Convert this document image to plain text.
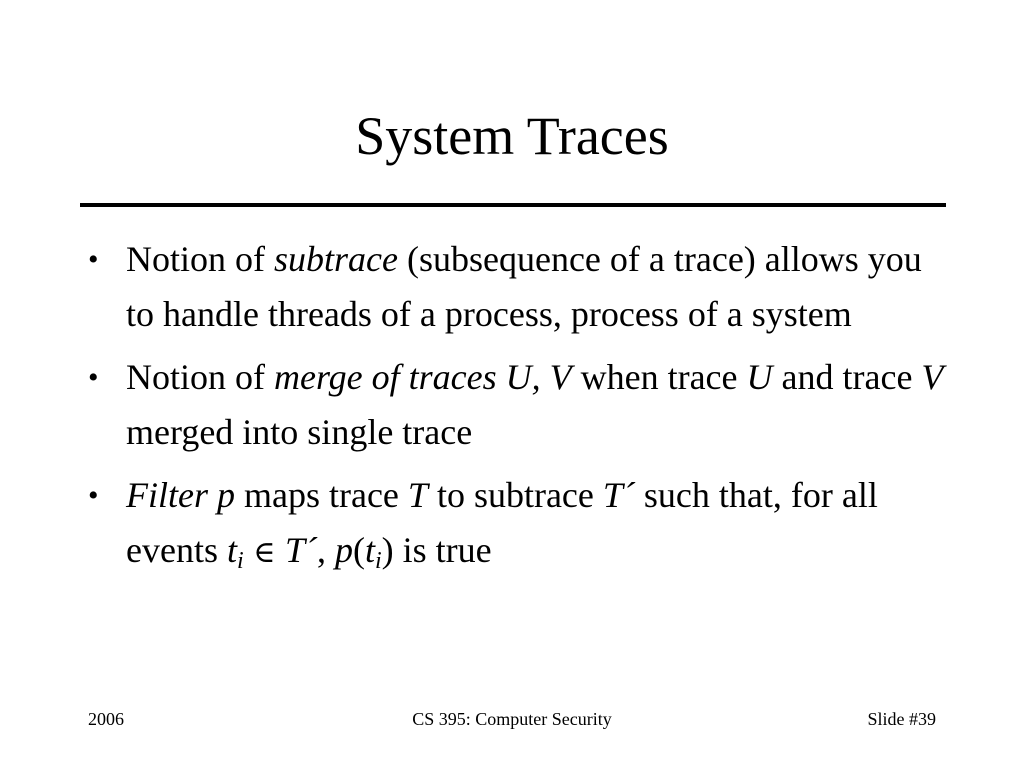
System Traces
• Notion of subtrace (subsequence of a trace) allows you to handle threads of a process, process of a system
• Notion of merge of traces U, V when trace U and trace V merged into single trace
• Filter p maps trace T to subtrace T´ such that, for all events $t_i$ ∈ T´, $p(t_i)$ is true
2006	CS 395: Computer Security	Slide #39
